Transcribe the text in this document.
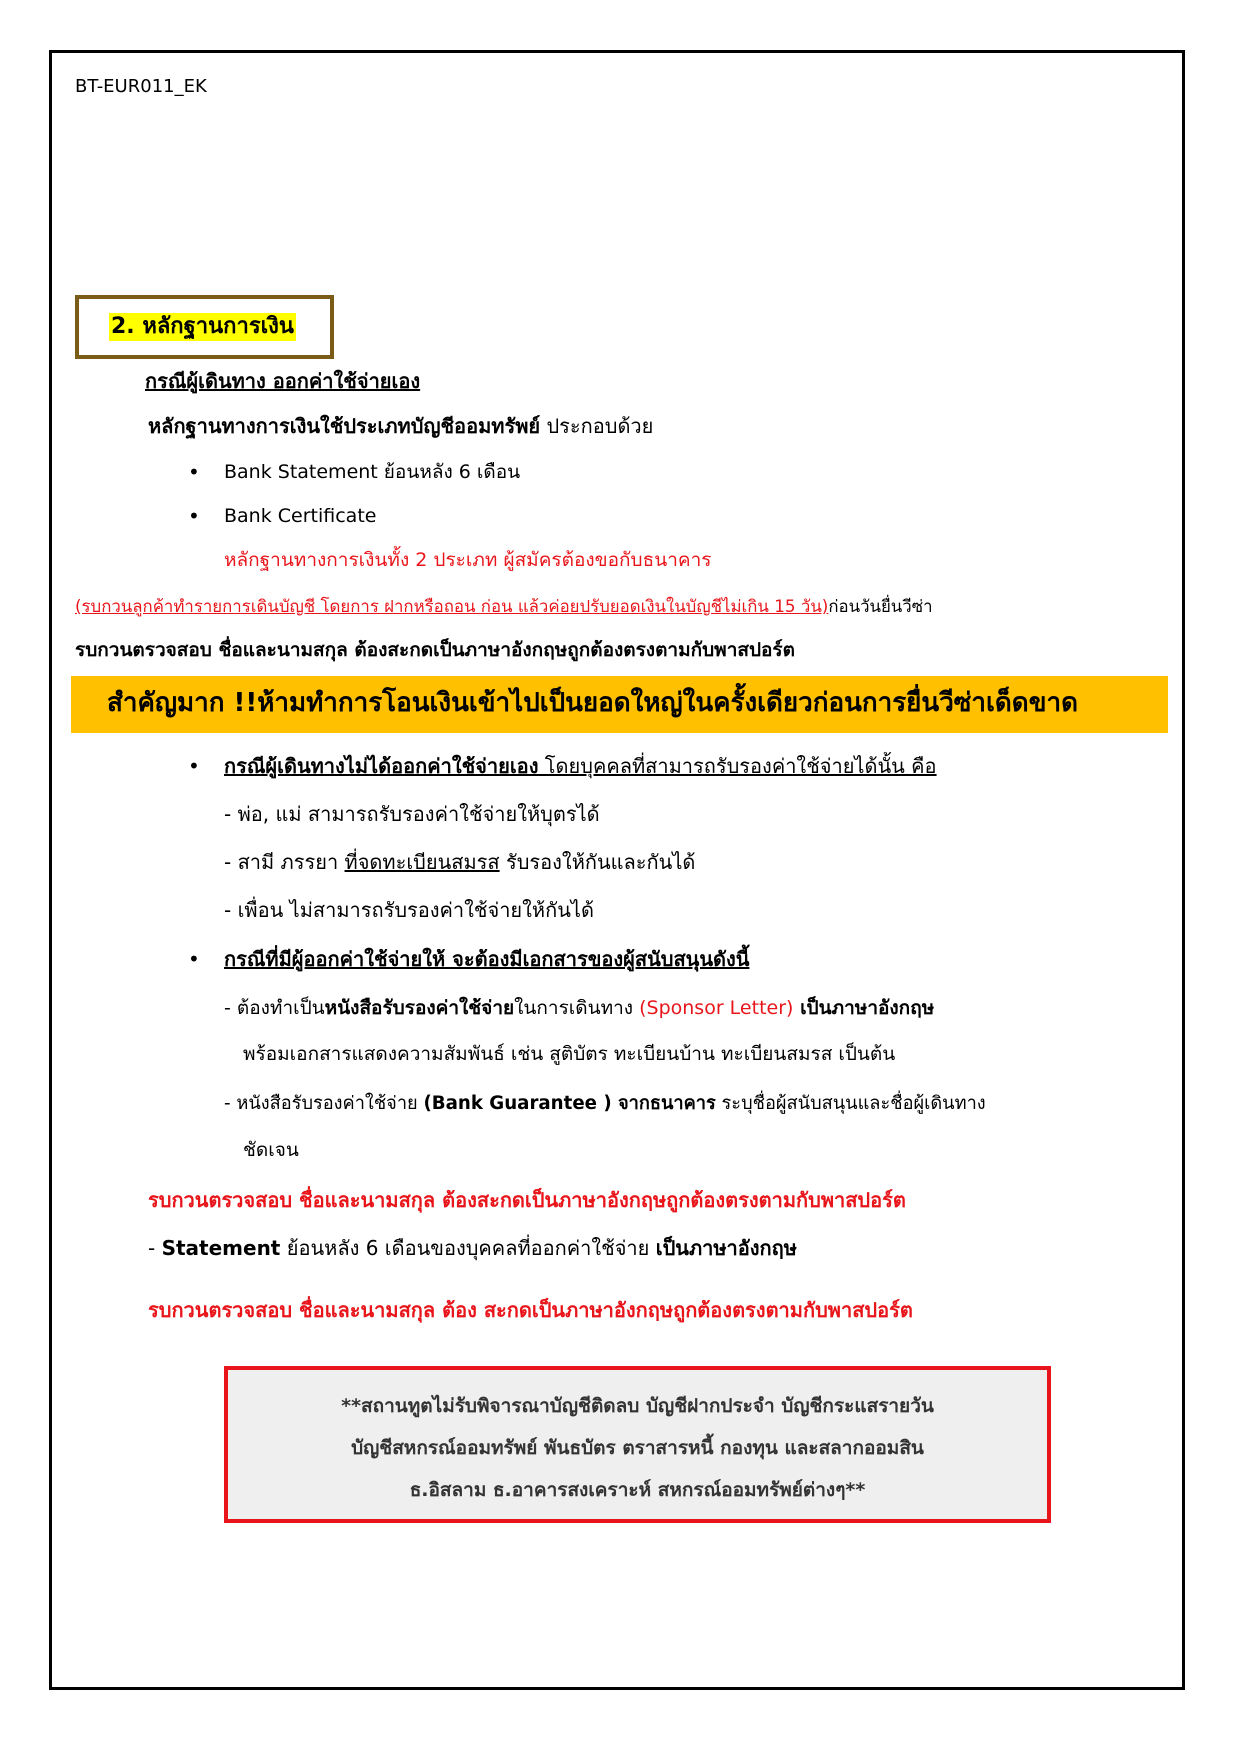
BT-EUR011_EK
2. หลักฐานการเงิน
กรณีผู้เดินทาง ออกค่าใช้จ่ายเอง
หลักฐานทางการเงินใช้ประเภทบัญชีออมทรัพย์ ประกอบด้วย
• Bank Statement ย้อนหลัง 6 เดือน
• Bank Certificate
หลักฐานทางการเงินทั้ง 2 ประเภท ผู้สมัครต้องขอกับธนาคาร
(รบกวนลูกค้าทำรายการเดินบัญชี โดยการ ฝากหรือถอน ก่อน แล้วค่อยปรับยอดเงินในบัญชีไม่เกิน 15 วัน)ก่อนวันยื่นวีซ่า
รบกวนตรวจสอบ ชื่อและนามสกุล ต้องสะกดเป็นภาษาอังกฤษถูกต้องตรงตามกับพาสปอร์ต
สำคัญมาก !!ห้ามทำการโอนเงินเข้าไปเป็นยอดใหญ่ในครั้งเดียวก่อนการยื่นวีซ่าเด็ดขาด
• กรณีผู้เดินทางไม่ได้ออกค่าใช้จ่ายเอง โดยบุคคลที่สามารถรับรองค่าใช้จ่ายได้นั้น คือ
- พ่อ, แม่ สามารถรับรองค่าใช้จ่ายให้บุตรได้
- สามี ภรรยา ที่จดทะเบียนสมรส รับรองให้กันและกันได้
- เพื่อน ไม่สามารถรับรองค่าใช้จ่ายให้กันได้
• กรณีที่มีผู้ออกค่าใช้จ่ายให้ จะต้องมีเอกสารของผู้สนับสนุนดังนี้
- ต้องทำเป็นหนังสือรับรองค่าใช้จ่ายในการเดินทาง (Sponsor Letter) เป็นภาษาอังกฤษ
พร้อมเอกสารแสดงความสัมพันธ์ เช่น สูติบัตร ทะเบียนบ้าน ทะเบียนสมรส เป็นต้น
- หนังสือรับรองค่าใช้จ่าย (Bank Guarantee ) จากธนาคาร ระบุชื่อผู้สนับสนุนและชื่อผู้เดินทาง
ชัดเจน
รบกวนตรวจสอบ ชื่อและนามสกุล ต้องสะกดเป็นภาษาอังกฤษถูกต้องตรงตามกับพาสปอร์ต
- Statement ย้อนหลัง 6 เดือนของบุคคลที่ออกค่าใช้จ่าย เป็นภาษาอังกฤษ
รบกวนตรวจสอบ ชื่อและนามสกุล ต้อง สะกดเป็นภาษาอังกฤษถูกต้องตรงตามกับพาสปอร์ต
**สถานทูตไม่รับพิจารณาบัญชีติดลบ บัญชีฝากประจำ บัญชีกระแสรายวัน
บัญชีสหกรณ์ออมทรัพย์ พันธบัตร ตราสารหนี้ กองทุน และสลากออมสิน
ธ.อิสลาม ธ.อาคารสงเคราะห์ สหกรณ์ออมทรัพย์ต่างๆ**
